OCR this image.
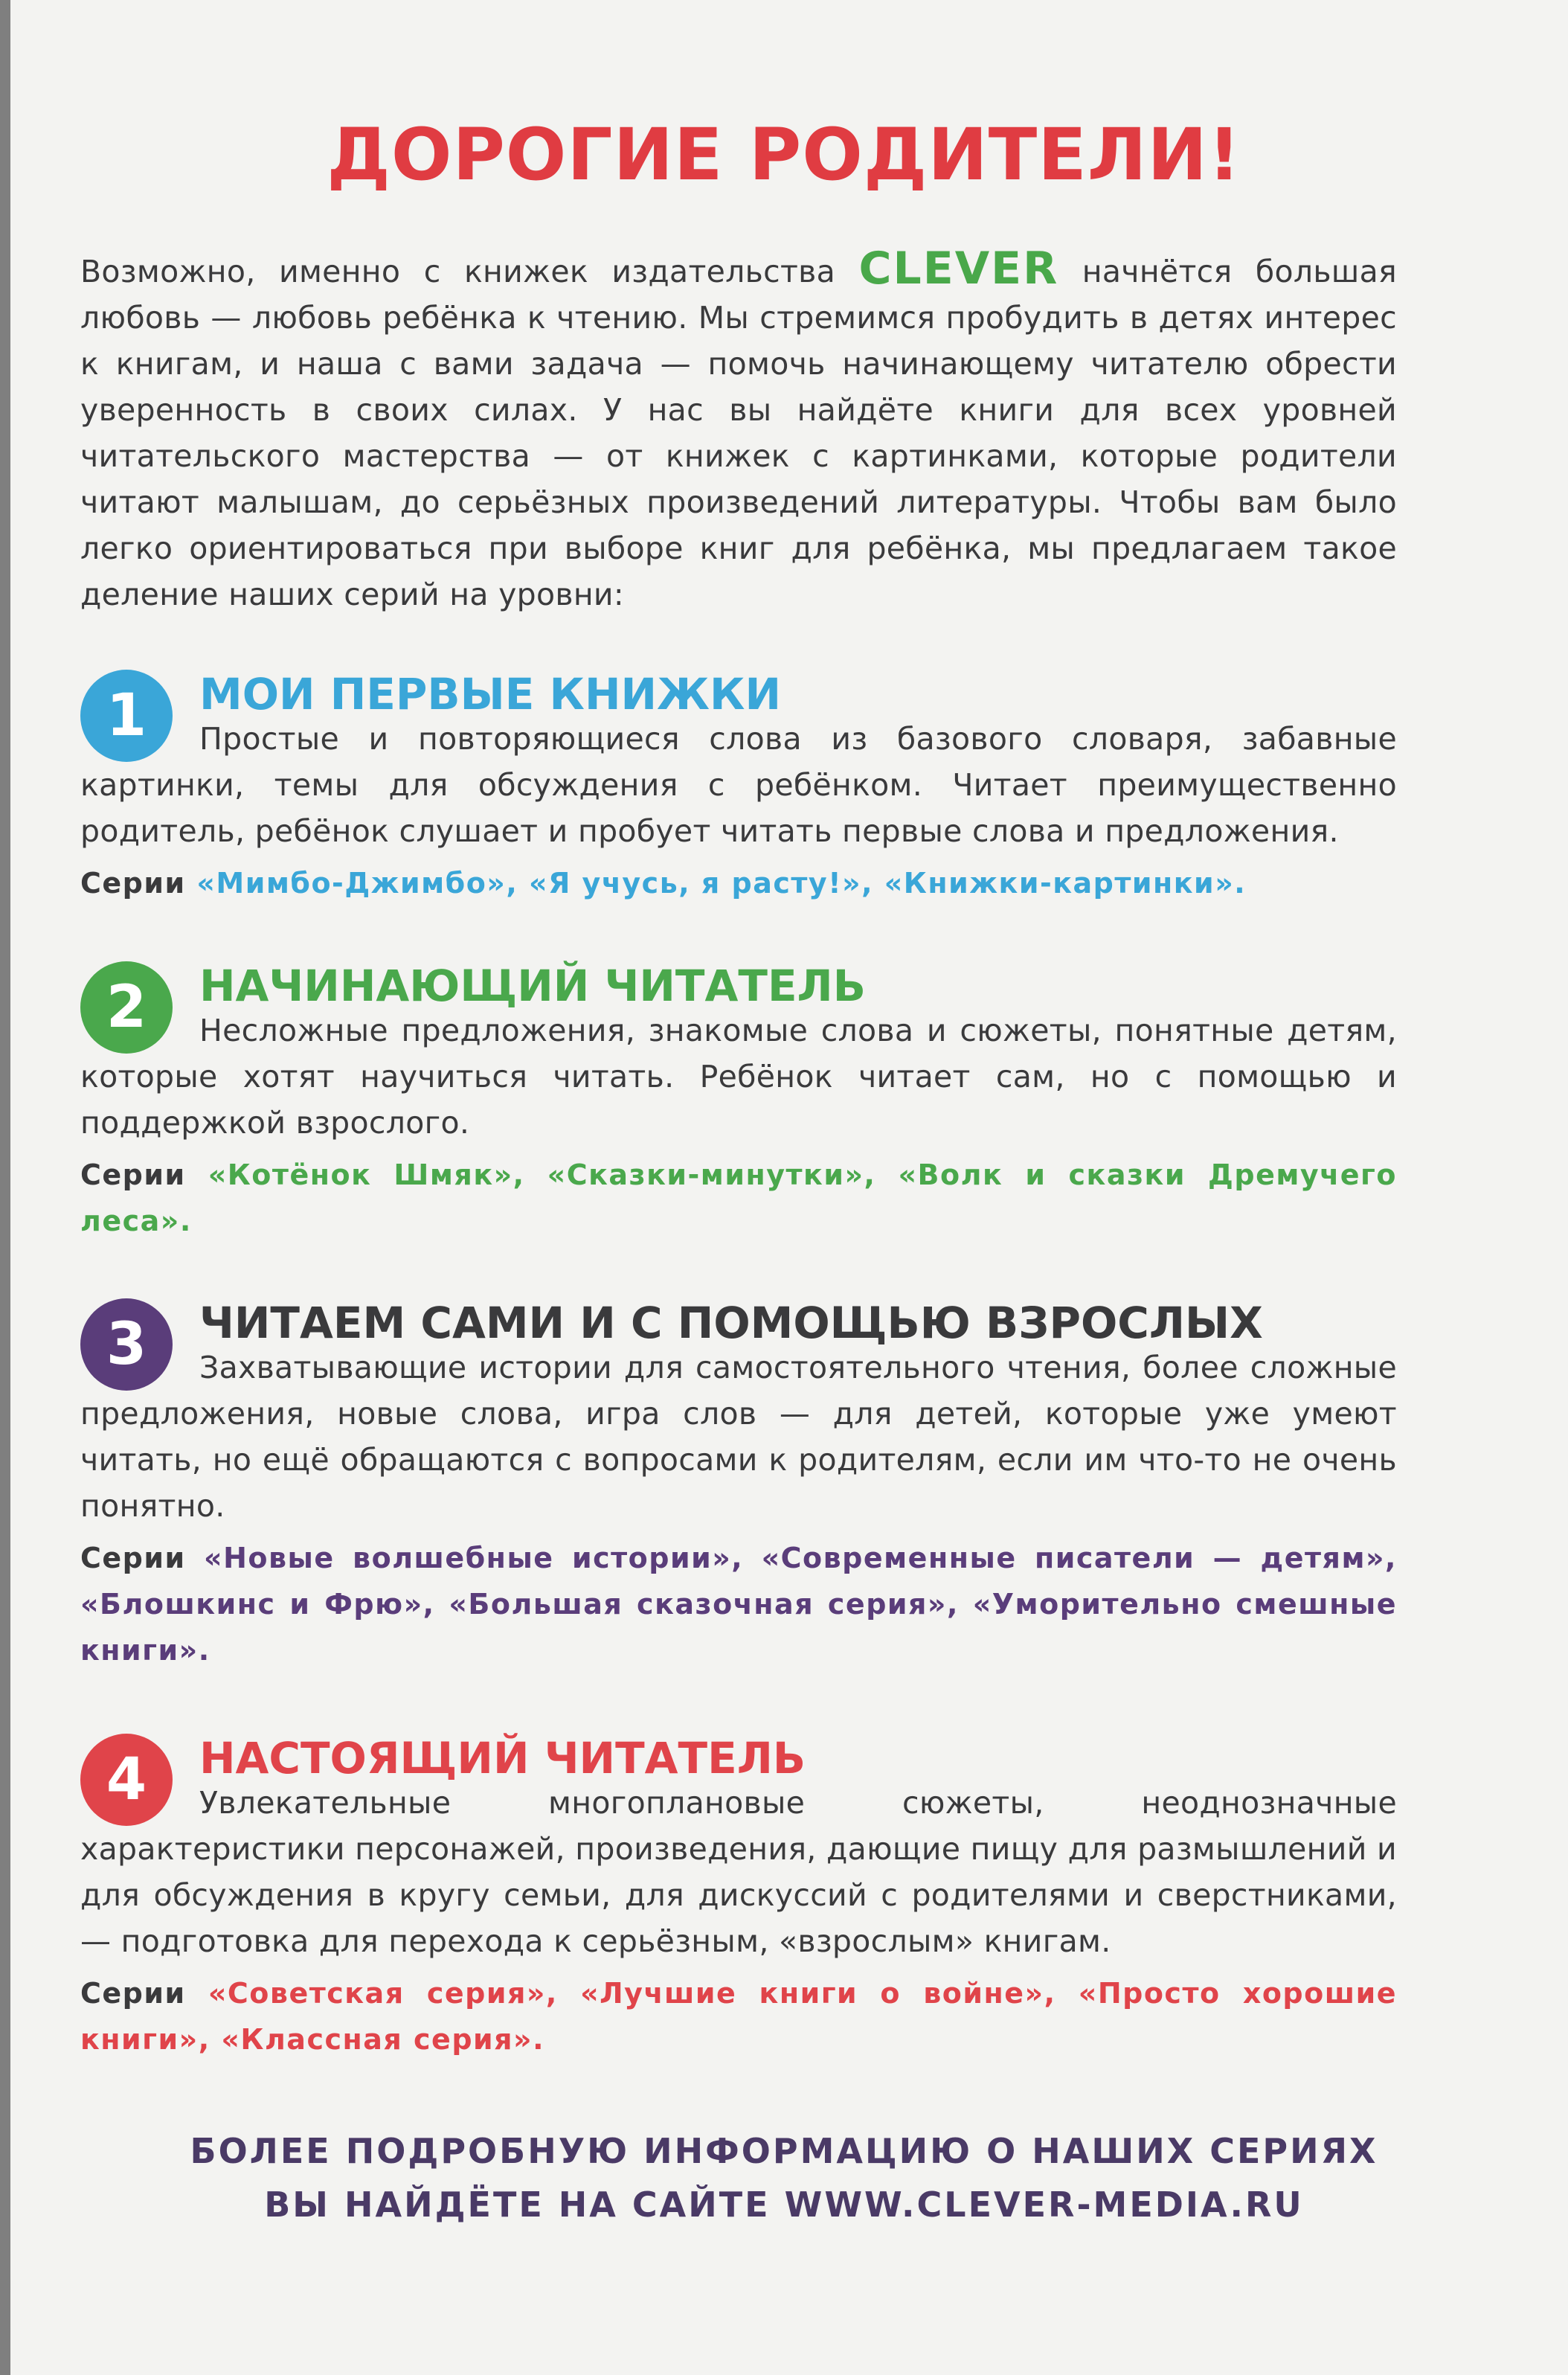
ДОРОГИЕ РОДИТЕЛИ!

Возможно, именно с книжек издательства CLEVER начнётся большая любовь — любовь ребёнка к чтению. Мы стремимся пробудить в детях интерес к книгам, и наша с вами задача — помочь начинающему читателю обрести уверенность в своих силах. У нас вы найдёте книги для всех уровней читательского мастерства — от книжек с картинками, которые родители читают малышам, до серьёзных произведений литературы. Чтобы вам было легко ориентироваться при выборе книг для ребёнка, мы предлагаем такое деление наших серий на уровни:

1	МОИ ПЕРВЫЕ КНИЖКИ

Простые и повторяющиеся слова из базового словаря, забавные картинки, темы для обсуждения с ребёнком. Читает преимущественно родитель, ребёнок слушает и пробует читать первые слова и предложения.

Серии «Мимбо-Джимбо», «Я учусь, я расту!», «Книжки-картинки».

2	НАЧИНАЮЩИЙ ЧИТАТЕЛЬ

Несложные предложения, знакомые слова и сюжеты, понятные детям, которые хотят научиться читать. Ребёнок читает сам, но с помощью и поддержкой взрослого.

Серии «Котёнок Шмяк», «Сказки-минутки», «Волк и сказки Дремучего леса».

3	ЧИТАЕМ САМИ И С ПОМОЩЬЮ ВЗРОСЛЫХ

Захватывающие истории для самостоятельного чтения, более сложные предложения, новые слова, игра слов — для детей, которые уже умеют читать, но ещё обращаются с вопросами к родителям, если им что-то не очень понятно.

Серии «Новые волшебные истории», «Современные писатели — детям», «Блошкинс и Фрю», «Большая сказочная серия», «Уморительно смешные книги».

4	НАСТОЯЩИЙ ЧИТАТЕЛЬ

Увлекательные многоплановые сюжеты, неоднозначные характеристики персонажей, произведения, дающие пищу для размышлений и для обсуждения в кругу семьи, для дискуссий с родителями и сверстниками, — подготовка для перехода к серьёзным, «взрослым» книгам.

Серии «Советская серия», «Лучшие книги о войне», «Просто хорошие книги», «Классная серия».

БОЛЕЕ ПОДРОБНУЮ ИНФОРМАЦИЮ О НАШИХ СЕРИЯХ
ВЫ НАЙДЁТЕ НА САЙТЕ WWW.CLEVER-MEDIA.RU
